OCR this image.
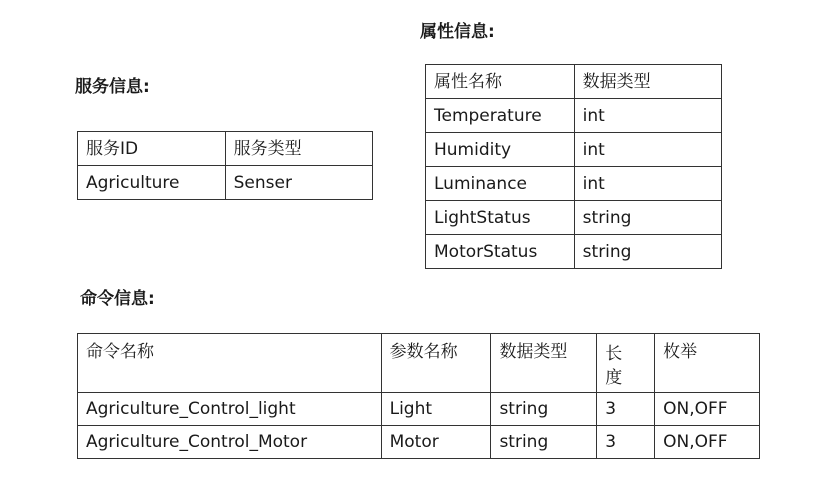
服务信息:
属性信息:
命令信息:
服务ID	服务类型
Agriculture	Senser
属性名称	数据类型
Temperature	int
Humidity	int
Luminance	int
LightStatus	string
MotorStatus	string
命令名称	参数名称	数据类型	长度	枚举
Agriculture_Control_light	Light	string	3	ON,OFF
Agriculture_Control_Motor	Motor	string	3	ON,OFF
